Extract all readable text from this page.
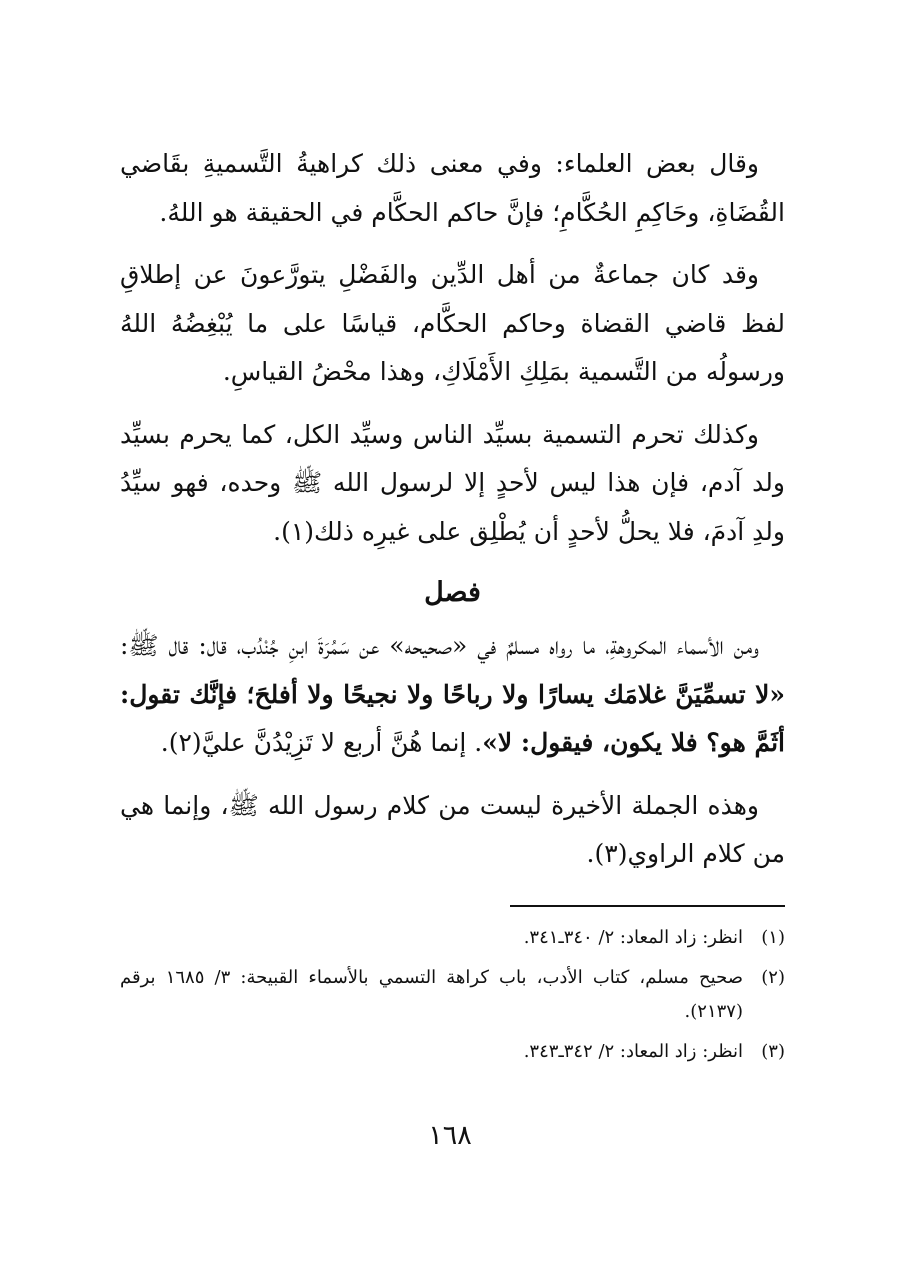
وقال بعض العلماء: وفي معنى ذلك كراهيةُ التَّسميةِ بقَاضي القُضَاةِ، وحَاكِمِ الحُكَّامِ؛ فإنَّ حاكم الحكَّام في الحقيقة هو اللهُ.

وقد كان جماعةٌ من أهل الدِّين والفَضْلِ يتورَّعونَ عن إطلاقِ لفظ قاضي القضاة وحاكم الحكَّام، قياسًا على ما يُبْغِضُهُ اللهُ ورسولُه من التَّسمية بمَلِكِ الأَمْلَاكِ، وهذا محْضُ القياسِ.

وكذلك تحرم التسمية بسيِّد الناس وسيِّد الكل، كما يحرم بسيِّد ولد آدم، فإن هذا ليس لأحدٍ إلا لرسول الله ﷺ وحده، فهو سيِّدُ ولدِ آدمَ، فلا يحلُّ لأحدٍ أن يُطْلِق على غيرِه ذلك(١).

فصل

ومن الأسماء المكروهةِ، ما رواه مسلمٌ في «صحيحه» عن سَمُرَةَ ابنِ جُنْدُب، قال: قال ﷺ: «لا تسمِّيَنَّ غلامَك يسارًا ولا رباحًا ولا نجيحًا ولا أفلحَ؛ فإنَّك تقول: أثَمَّ هو؟ فلا يكون، فيقول: لا». إنما هُنَّ أربع لا تَزِيْدُنَّ عليَّ(٢).

وهذه الجملة الأخيرة ليست من كلام رسول الله ﷺ، وإنما هي من كلام الراوي(٣).

(١)
انظر: زاد المعاد: ٢/ ٣٤٠ـ٣٤١.
(٢)
صحيح مسلم، كتاب الأدب، باب كراهة التسمي بالأسماء القبيحة: ٣/ ١٦٨٥ برقم (٢١٣٧).
(٣)
انظر: زاد المعاد: ٢/ ٣٤٢ـ٣٤٣.
١٦٨
